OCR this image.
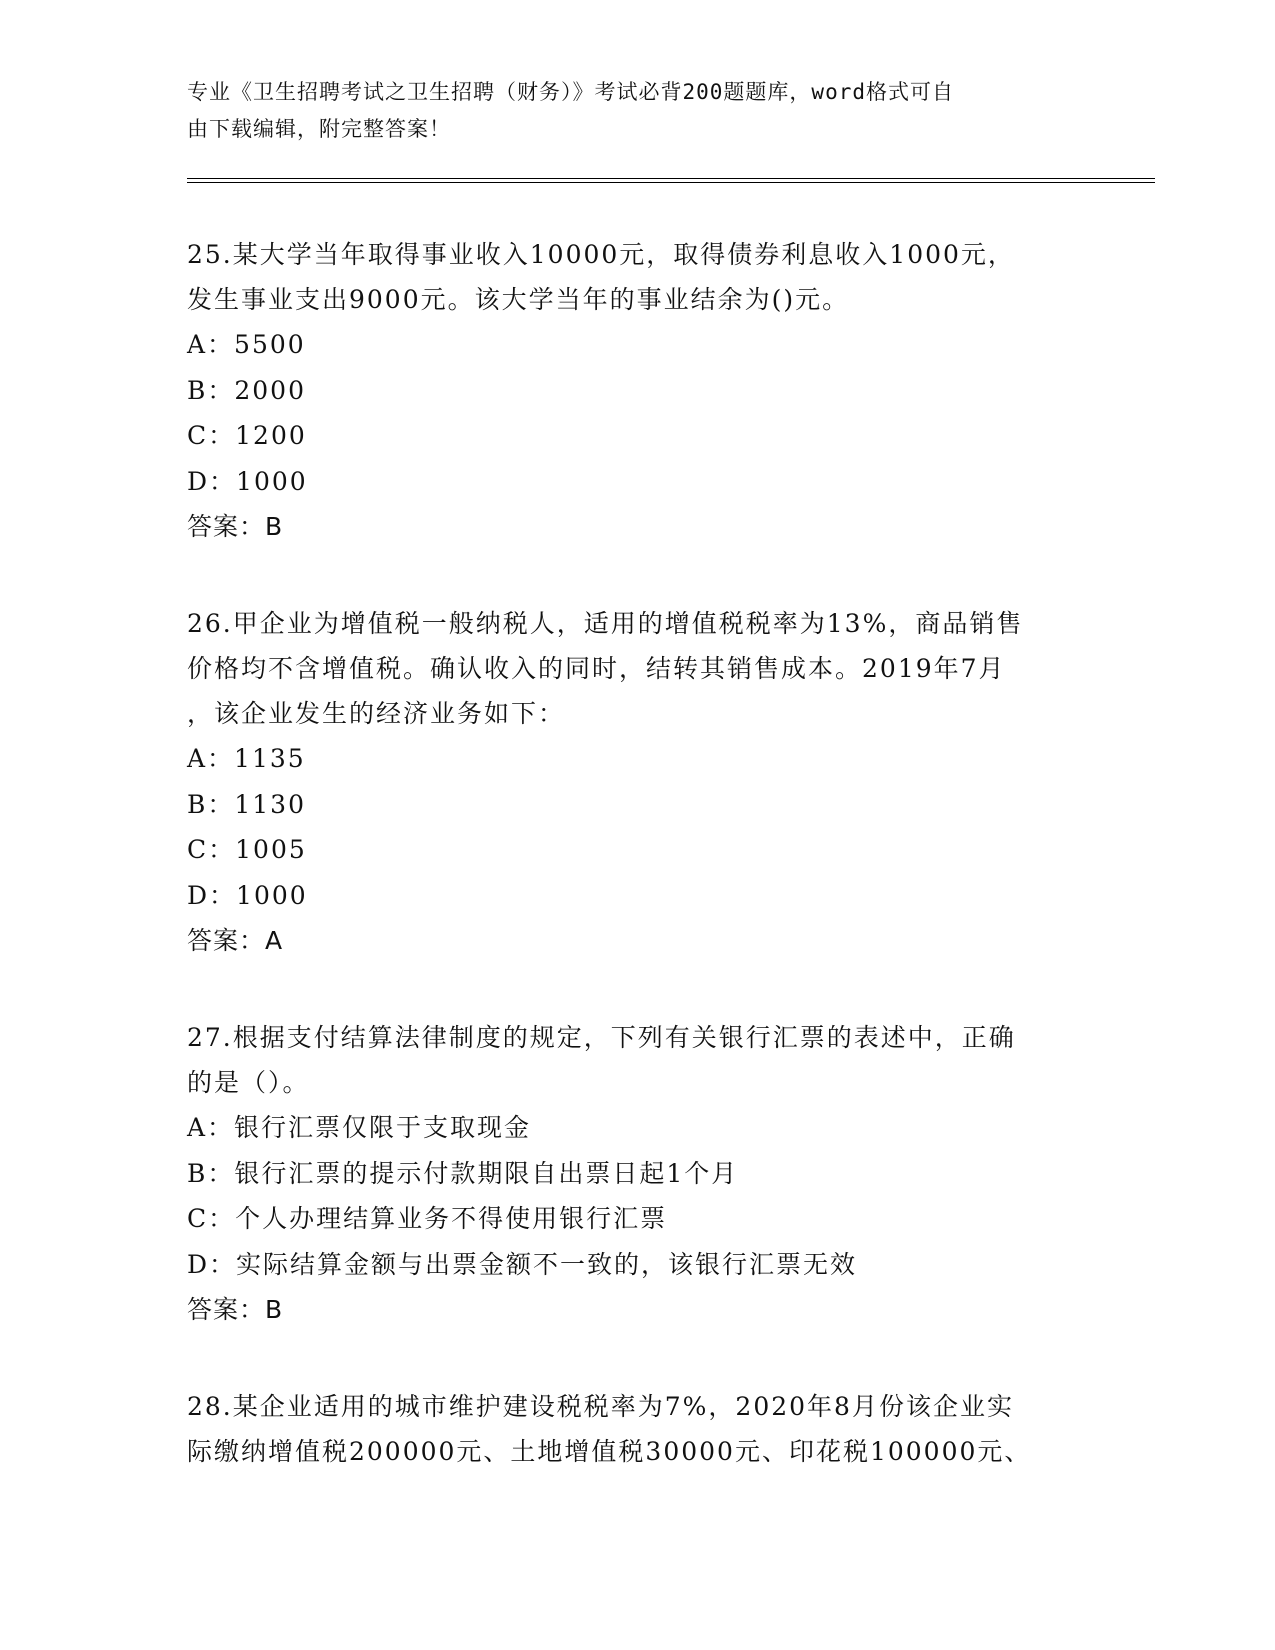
专业《卫生招聘考试之卫生招聘（财务）》考试必背200题题库，word格式可自
由下载编辑，附完整答案！
25.某大学当年取得事业收入10000元，取得债券利息收入1000元，
发生事业支出9000元。该大学当年的事业结余为()元。
A：5500
B：2000
C：1200
D：1000
答案：B
26.甲企业为增值税一般纳税人，适用的增值税税率为13%，商品销售
价格均不含增值税。确认收入的同时，结转其销售成本。2019年7月
，该企业发生的经济业务如下：
A：1135
B：1130
C：1005
D：1000
答案：A
27.根据支付结算法律制度的规定，下列有关银行汇票的表述中，正确
的是（）。
A：银行汇票仅限于支取现金
B：银行汇票的提示付款期限自出票日起1个月
C：个人办理结算业务不得使用银行汇票
D：实际结算金额与出票金额不一致的，该银行汇票无效
答案：B
28.某企业适用的城市维护建设税税率为7%，2020年8月份该企业实
际缴纳增值税200000元、土地增值税30000元、印花税100000元、
